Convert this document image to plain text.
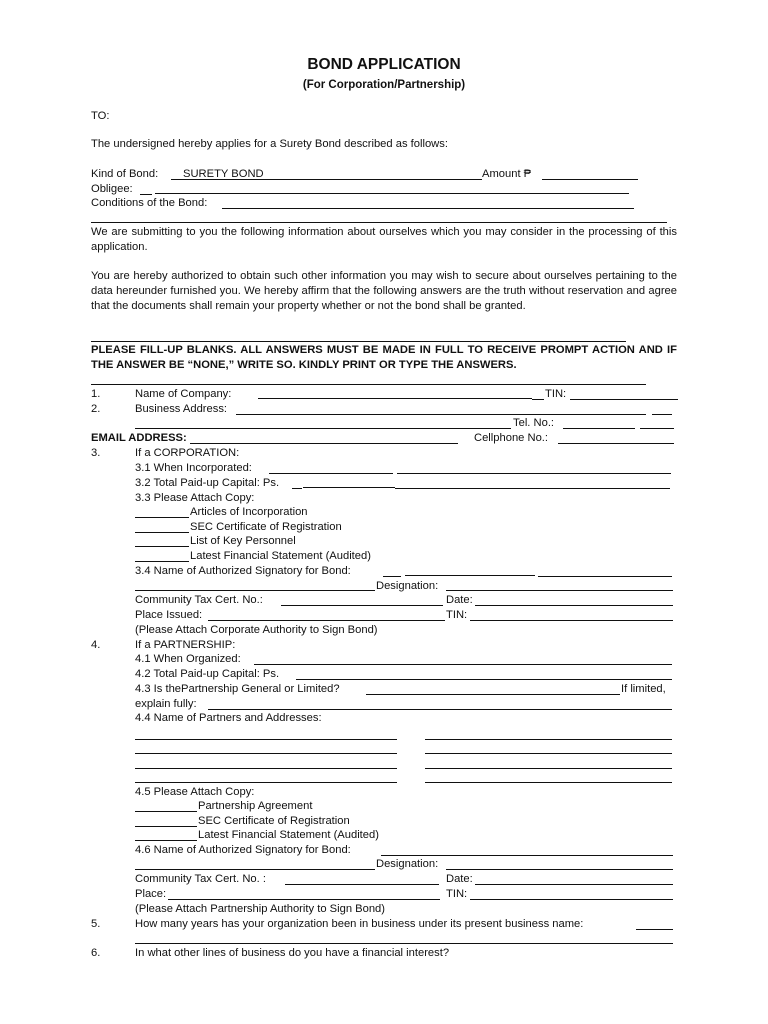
BOND APPLICATION
(For Corporation/Partnership)
TO:
The undersigned hereby applies for a Surety Bond described as follows:
Kind of Bond: SURETY BOND	Amount ₱
Obligee:
Conditions of the Bond:
We are submitting to you the following information about ourselves which you may consider in the processing of this application.
You are hereby authorized to obtain such other information you may wish to secure about ourselves pertaining to the data hereunder furnished you. We hereby affirm that the following answers are the truth without reservation and agree that the documents shall remain your property whether or not the bond shall be granted.
PLEASE FILL-UP BLANKS. ALL ANSWERS MUST BE MADE IN FULL TO RECEIVE PROMPT ACTION AND IF THE ANSWER BE “NONE,” WRITE SO. KINDLY PRINT OR TYPE THE ANSWERS.
1.	Name of Company:	TIN:
2.	Business Address:
Tel. No.:
EMAIL ADDRESS:	Cellphone No.:
3.	If a CORPORATION:
3.1 When Incorporated:
3.2 Total Paid-up Capital: Ps.
3.3 Please Attach Copy:
Articles of Incorporation
SEC Certificate of Registration
List of Key Personnel
Latest Financial Statement (Audited)
3.4 Name of Authorized Signatory for Bond:
Designation:
Community Tax Cert. No.:	Date:
Place Issued:	TIN:
(Please Attach Corporate Authority to Sign Bond)
4.	If a PARTNERSHIP:
4.1 When Organized:
4.2 Total Paid-up Capital: Ps.
4.3 Is thePartnership General or Limited?	If limited,
explain fully:
4.4 Name of Partners and Addresses:
4.5 Please Attach Copy:
Partnership Agreement
SEC Certificate of Registration
Latest Financial Statement (Audited)
4.6 Name of Authorized Signatory for Bond:
Designation:
Community Tax Cert. No. :	Date:
Place:	TIN:
(Please Attach Partnership Authority to Sign Bond)
5.	How many years has your organization been in business under its present business name:
6.	In what other lines of business do you have a financial interest?
